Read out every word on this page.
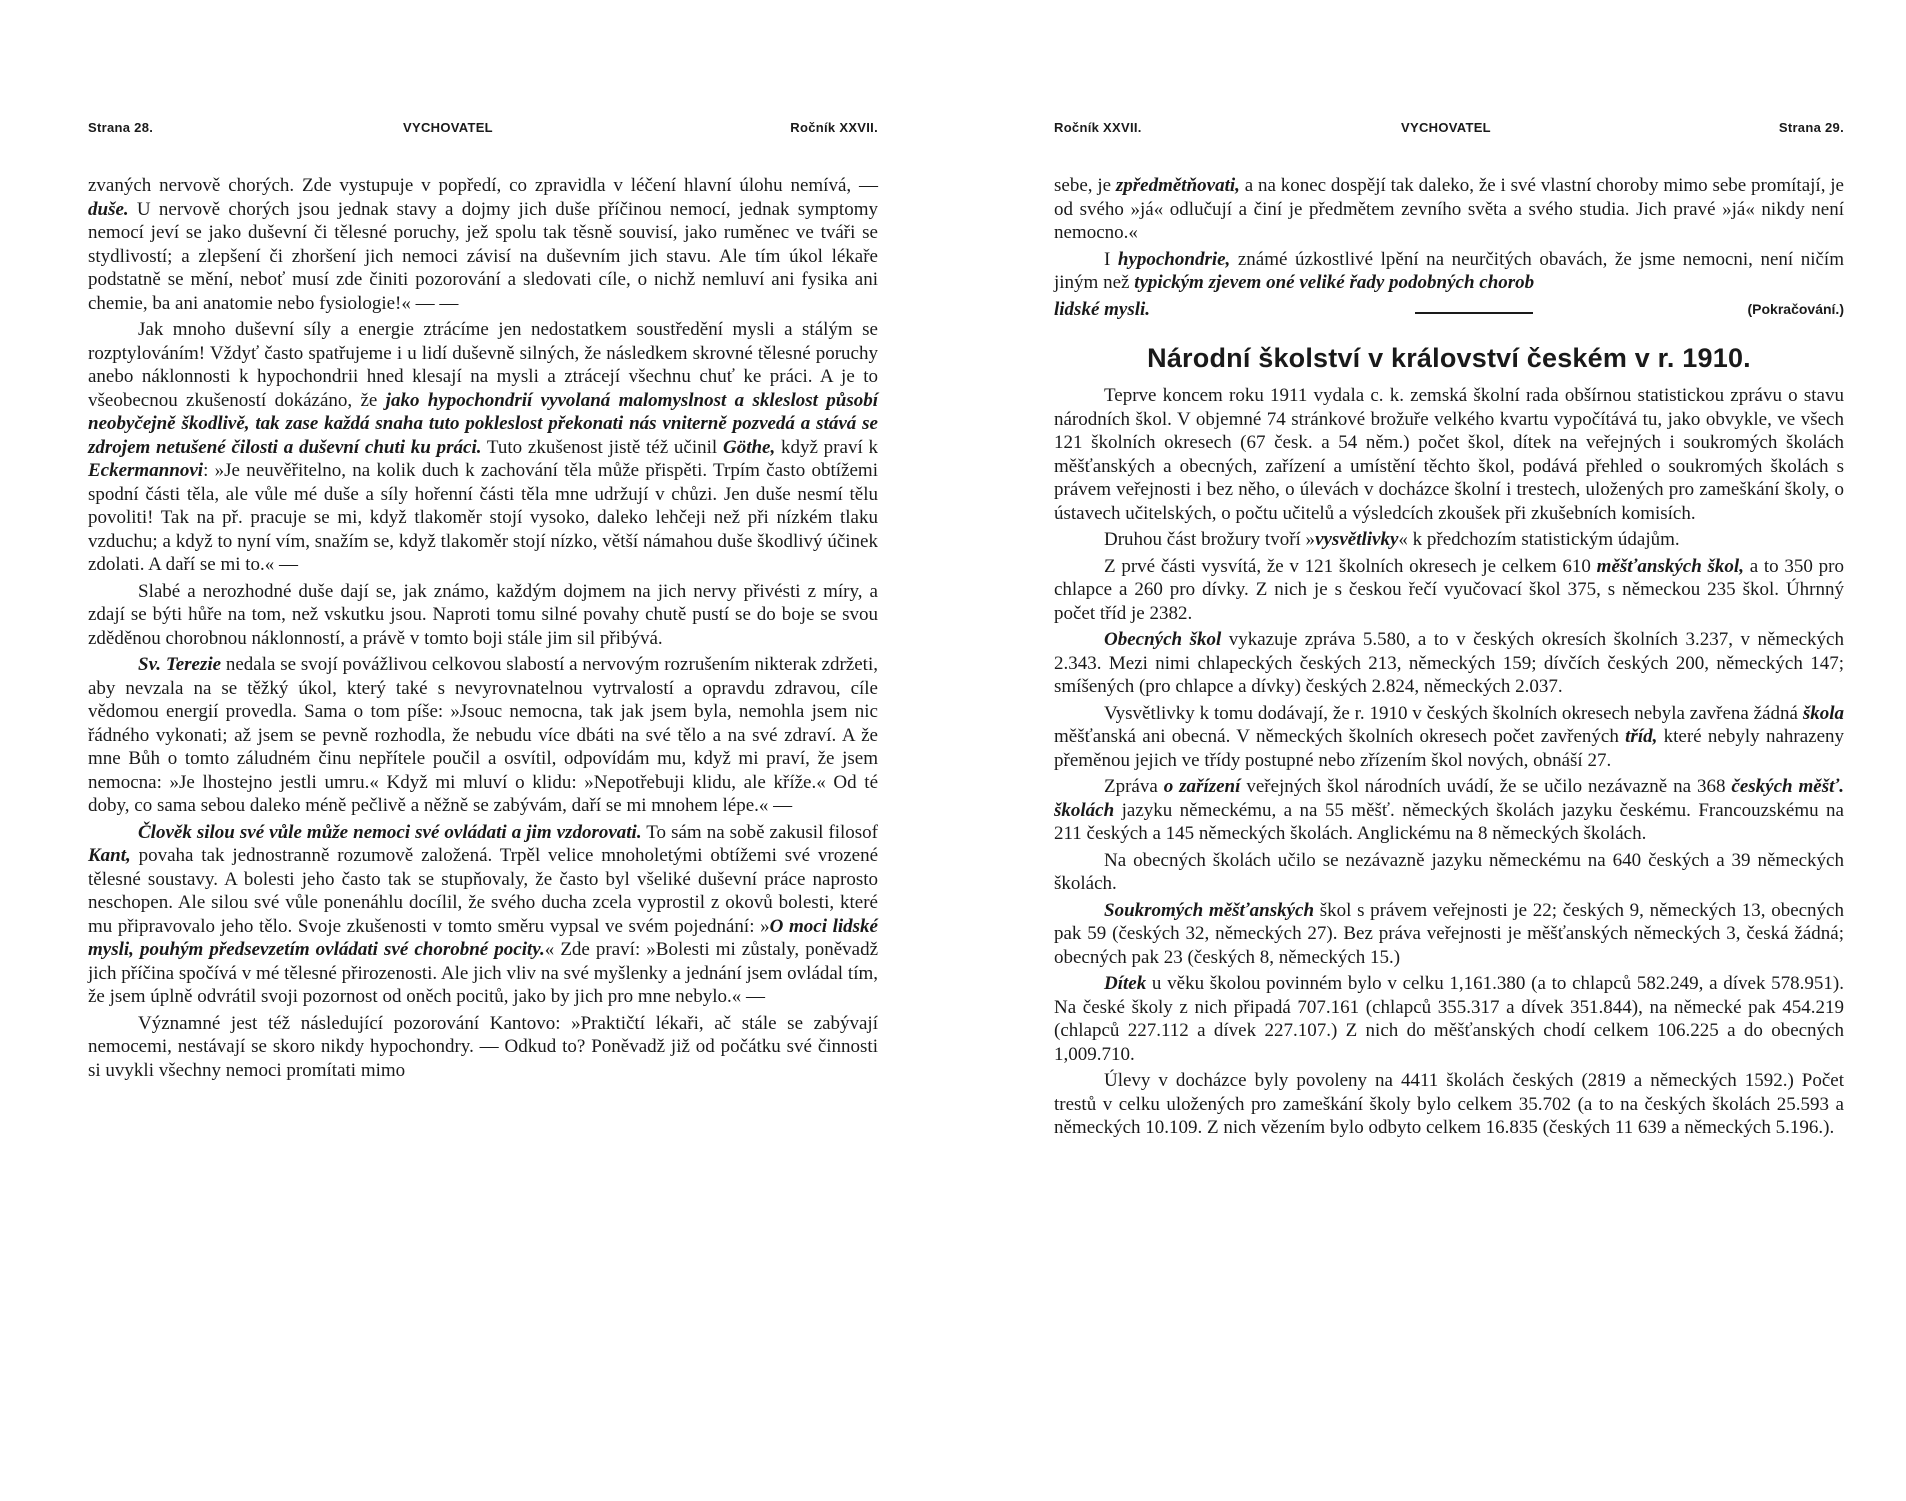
Strana 28.	VYCHOVATEL	Ročník XXVII.

zvaných nervově chorých. Zde vystupuje v popředí, co zpravidla v léčení hlavní úlohu nemívá, — duše. U nervově chorých jsou jednak stavy a dojmy jich duše příčinou nemocí, jednak symptomy nemocí jeví se jako duševní či tělesné poruchy, jež spolu tak těsně souvisí, jako ruměnec ve tváři se stydlivostí; a zlepšení či zhoršení jich nemoci závisí na duševním jich stavu. Ale tím úkol lékaře podstatně se mění, neboť musí zde činiti pozorování a sledovati cíle, o nichž nemluví ani fysika ani chemie, ba ani anatomie nebo fysiologie!« — —

Jak mnoho duševní síly a energie ztrácíme jen nedostatkem soustředění mysli a stálým se rozptylováním! Vždyť často spatřujeme i u lidí duševně silných, že následkem skrovné tělesné poruchy anebo náklonnosti k hypochondrii hned klesají na mysli a ztrácejí všechnu chuť ke práci. A je to všeobecnou zkušeností dokázáno, že jako hypochondrií vyvolaná malomyslnost a skleslost působí neobyčejně škodlivě, tak zase každá snaha tuto pokleslost překonati nás vniterně pozvedá a stává se zdrojem netušené čilosti a duševní chuti ku práci. Tuto zkušenost jistě též učinil Göthe, když praví k Eckermannovi: »Je neuvěřitelno, na kolik duch k zachování těla může přispěti. Trpím často obtížemi spodní části těla, ale vůle mé duše a síly hořenní části těla mne udržují v chůzi. Jen duše nesmí tělu povoliti! Tak na př. pracuje se mi, když tlakoměr stojí vysoko, daleko lehčeji než při nízkém tlaku vzduchu; a když to nyní vím, snažím se, když tlakoměr stojí nízko, větší námahou duše škodlivý účinek zdolati. A daří se mi to.« —

Slabé a nerozhodné duše dají se, jak známo, každým dojmem na jich nervy přivésti z míry, a zdají se býti hůře na tom, než vskutku jsou. Naproti tomu silné povahy chutě pustí se do boje se svou zděděnou chorobnou náklonností, a právě v tomto boji stále jim sil přibývá.

Sv. Terezie nedala se svojí povážlivou celkovou slabostí a nervovým rozrušením nikterak zdržeti, aby nevzala na se těžký úkol, který také s nevyrovnatelnou vytrvalostí a opravdu zdravou, cíle vědomou energií provedla. Sama o tom píše: »Jsouc nemocna, tak jak jsem byla, nemohla jsem nic řádného vykonati; až jsem se pevně rozhodla, že nebudu více dbáti na své tělo a na své zdraví. A že mne Bůh o tomto záludném činu nepřítele poučil a osvítil, odpovídám mu, když mi praví, že jsem nemocna: »Je lhostejno jestli umru.« Když mi mluví o klidu: »Nepotřebuji klidu, ale kříže.« Od té doby, co sama sebou daleko méně pečlivě a něžně se zabývám, daří se mi mnohem lépe.« —

Člověk silou své vůle může nemoci své ovládati a jim vzdorovati. To sám na sobě zakusil filosof Kant, povaha tak jednostranně rozumově založená. Trpěl velice mnoholetými obtížemi své vrozené tělesné soustavy. A bolesti jeho často tak se stupňovaly, že často byl všeliké duševní práce naprosto neschopen. Ale silou své vůle ponenáhlu docílil, že svého ducha zcela vyprostil z okovů bolesti, které mu připravovalo jeho tělo. Svoje zkušenosti v tomto směru vypsal ve svém pojednání: »O moci lidské mysli, pouhým předsevzetím ovládati své chorobné pocity.« Zde praví: »Bolesti mi zůstaly, poněvadž jich příčina spočívá v mé tělesné přirozenosti. Ale jich vliv na své myšlenky a jednání jsem ovládal tím, že jsem úplně odvrátil svoji pozornost od oněch pocitů, jako by jich pro mne nebylo.« —

Významné jest též následující pozorování Kantovo: »Praktičtí lékaři, ač stále se zabývají nemocemi, nestávají se skoro nikdy hypochondry. — Odkud to? Poněvadž již od počátku své činnosti si uvykli všechny nemoci promítati mimo

Ročník XXVII.	VYCHOVATEL	Strana 29.

sebe, je zpředmětňovati, a na konec dospějí tak daleko, že i své vlastní choroby mimo sebe promítají, je od svého »já« odlučují a činí je předmětem zevního světa a svého studia. Jich pravé »já« nikdy není nemocno.«

I hypochondrie, známé úzkostlivé lpění na neurčitých obavách, že jsme nemocni, není ničím jiným než typickým zjevem oné veliké řady podobných chorob

lidské mysli.	(Pokračování.)
Národní školství v království českém v r. 1910.

Teprve koncem roku 1911 vydala c. k. zemská školní rada obšírnou statistickou zprávu o stavu národních škol. V objemné 74 stránkové brožuře velkého kvartu vypočítává tu, jako obvykle, ve všech 121 školních okresech (67 česk. a 54 něm.) počet škol, dítek na veřejných i soukromých školách měšťanských a obecných, zařízení a umístění těchto škol, podává přehled o soukromých školách s právem veřejnosti i bez něho, o úlevách v docházce školní i trestech, uložených pro zameškání školy, o ústavech učitelských, o počtu učitelů a výsledcích zkoušek při zkušebních komisích.

Druhou část brožury tvoří »vysvětlivky« k předchozím statistickým údajům.

Z prvé části vysvítá, že v 121 školních okresech je celkem 610 měšťanských škol, a to 350 pro chlapce a 260 pro dívky. Z nich je s českou řečí vyučovací škol 375, s německou 235 škol. Úhrnný počet tříd je 2382.

Obecných škol vykazuje zpráva 5.580, a to v českých okresích školních 3.237, v německých 2.343. Mezi nimi chlapeckých českých 213, německých 159; dívčích českých 200, německých 147; smíšených (pro chlapce a dívky) českých 2.824, německých 2.037.

Vysvětlivky k tomu dodávají, že r. 1910 v českých školních okresech nebyla zavřena žádná škola měšťanská ani obecná. V německých školních okresech počet zavřených tříd, které nebyly nahrazeny přeměnou jejich ve třídy postupné nebo zřízením škol nových, obnáší 27.

Zpráva o zařízení veřejných škol národních uvádí, že se učilo nezávazně na 368 českých měšť. školách jazyku německému, a na 55 měšť. německých školách jazyku českému. Francouzskému na 211 českých a 145 německých školách. Anglickému na 8 německých školách.

Na obecných školách učilo se nezávazně jazyku německému na 640 českých a 39 německých školách.

Soukromých měšťanských škol s právem veřejnosti je 22; českých 9, německých 13, obecných pak 59 (českých 32, německých 27). Bez práva veřejnosti je měšťanských německých 3, česká žádná; obecných pak 23 (českých 8, německých 15.)

Dítek u věku školou povinném bylo v celku 1,161.380 (a to chlapců 582.249, a dívek 578.951). Na české školy z nich připadá 707.161 (chlapců 355.317 a dívek 351.844), na německé pak 454.219 (chlapců 227.112 a dívek 227.107.) Z nich do měšťanských chodí celkem 106.225 a do obecných 1,009.710.

Úlevy v docházce byly povoleny na 4411 školách českých (2819 a německých 1592.) Počet trestů v celku uložených pro zameškání školy bylo celkem 35.702 (a to na českých školách 25.593 a německých 10.109. Z nich vězením bylo odbyto celkem 16.835 (českých 11 639 a německých 5.196.).
